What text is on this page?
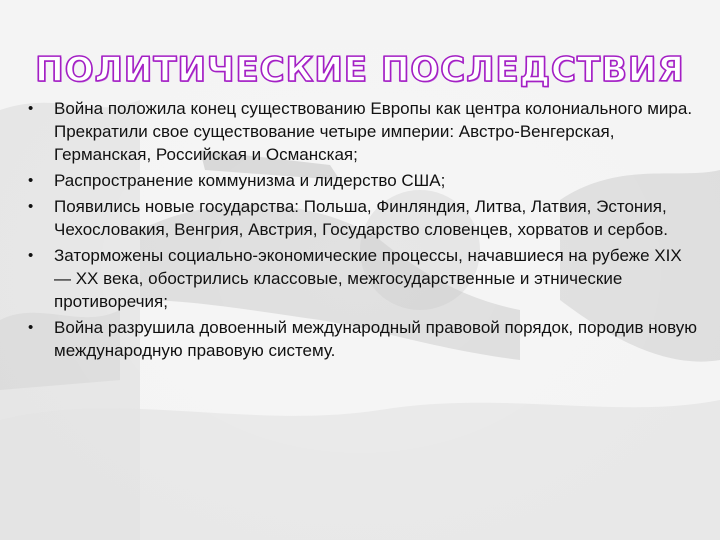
ПОЛИТИЧЕСКИЕ ПОСЛЕДСТВИЯ
• Война положила конец существованию Европы как центра колониального мира. Прекратили свое существование четыре империи: Австро-Венгерская, Германская, Российская и Османская;
• Распространение коммунизма и лидерство США;
• Появились новые государства: Польша, Финляндия, Литва, Латвия, Эстония, Чехословакия, Венгрия, Австрия, Государство словенцев, хорватов и сербов.
• Заторможены социально-экономические процессы, начавшиеся на рубеже XIX — XX века, обострились классовые, межгосударственные и этнические противоречия;
• Война разрушила довоенный международный правовой порядок, породив новую международную правовую систему.
